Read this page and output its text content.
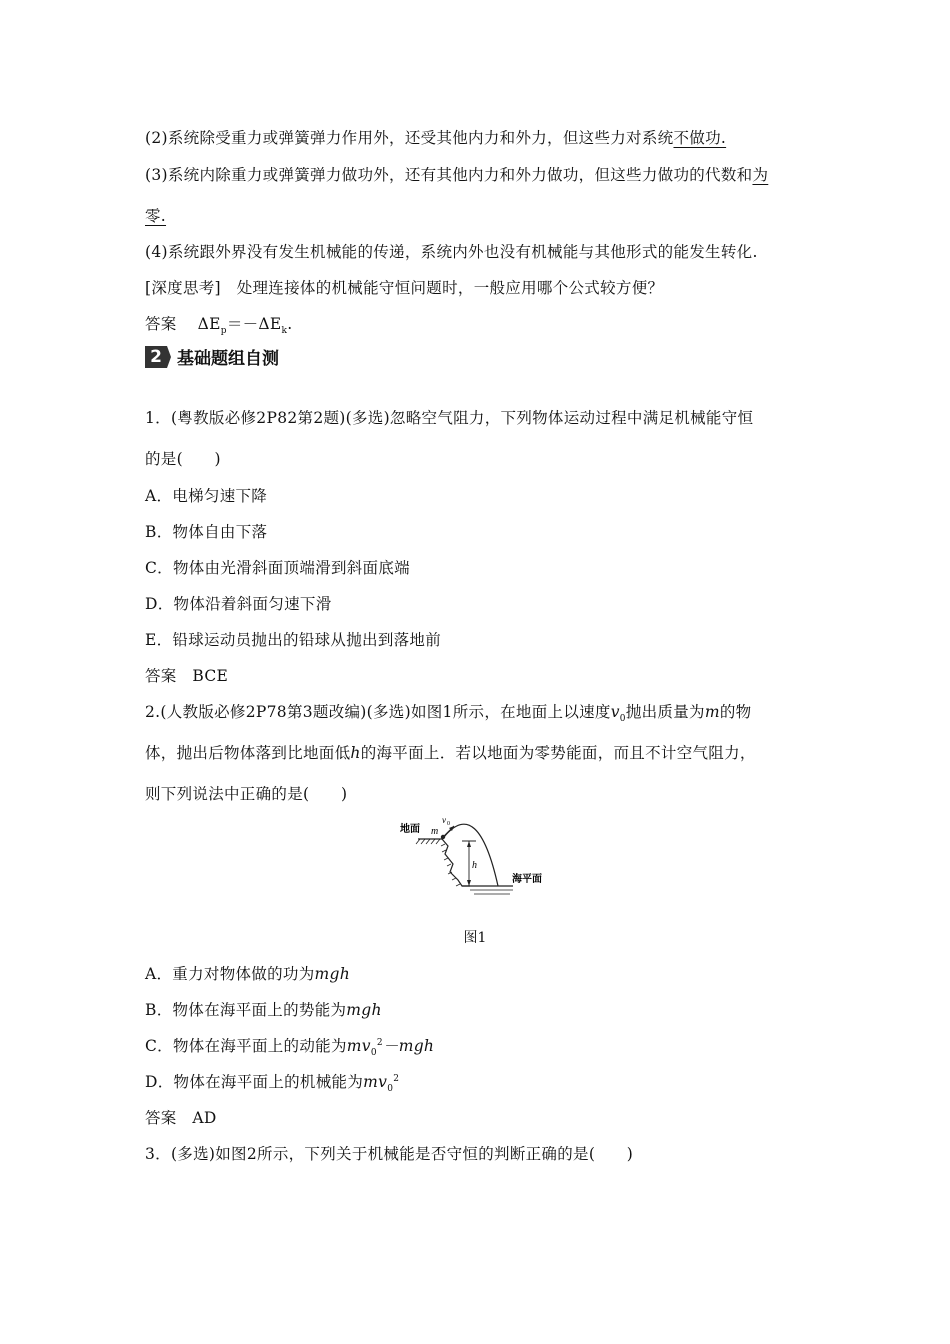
(2)系统除受重力或弹簧弹力作用外，还受其他内力和外力，但这些力对系统不做功.
(3)系统内除重力或弹簧弹力做功外，还有其他内力和外力做功，但这些力做功的代数和为
零.
(4)系统跟外界没有发生机械能的传递，系统内外也没有机械能与其他形式的能发生转化.
[深度思考]　处理连接体的机械能守恒问题时，一般应用哪个公式较方便？
答案　 $\Delta E_p=-\Delta E_k$.
2 基础题组自测
1．(粤教版必修2P82第2题)(多选)忽略空气阻力，下列物体运动过程中满足机械能守恒
的是(　　)
A．电梯匀速下降
B．物体自由下落
C．物体由光滑斜面顶端滑到斜面底端
D．物体沿着斜面匀速下滑
E．铅球运动员抛出的铅球从抛出到落地前
答案　 BCE
2.(人教版必修2P78第3题改编)(多选)如图1所示，在地面上以速度$v_0$抛出质量为m的物
体，抛出后物体落到比地面低h的海平面上．若以地面为零势能面，而且不计空气阻力，
则下列说法中正确的是(　　)
地面 m
v 0
h
海平面
图1
A．重力对物体做的功为mgh
B．物体在海平面上的势能为mgh
C．物体在海平面上的动能为$mv_0^2-mgh$
D．物体在海平面上的机械能为$mv_0^2$
答案　 AD
3．(多选)如图2所示，下列关于机械能是否守恒的判断正确的是(　　)
